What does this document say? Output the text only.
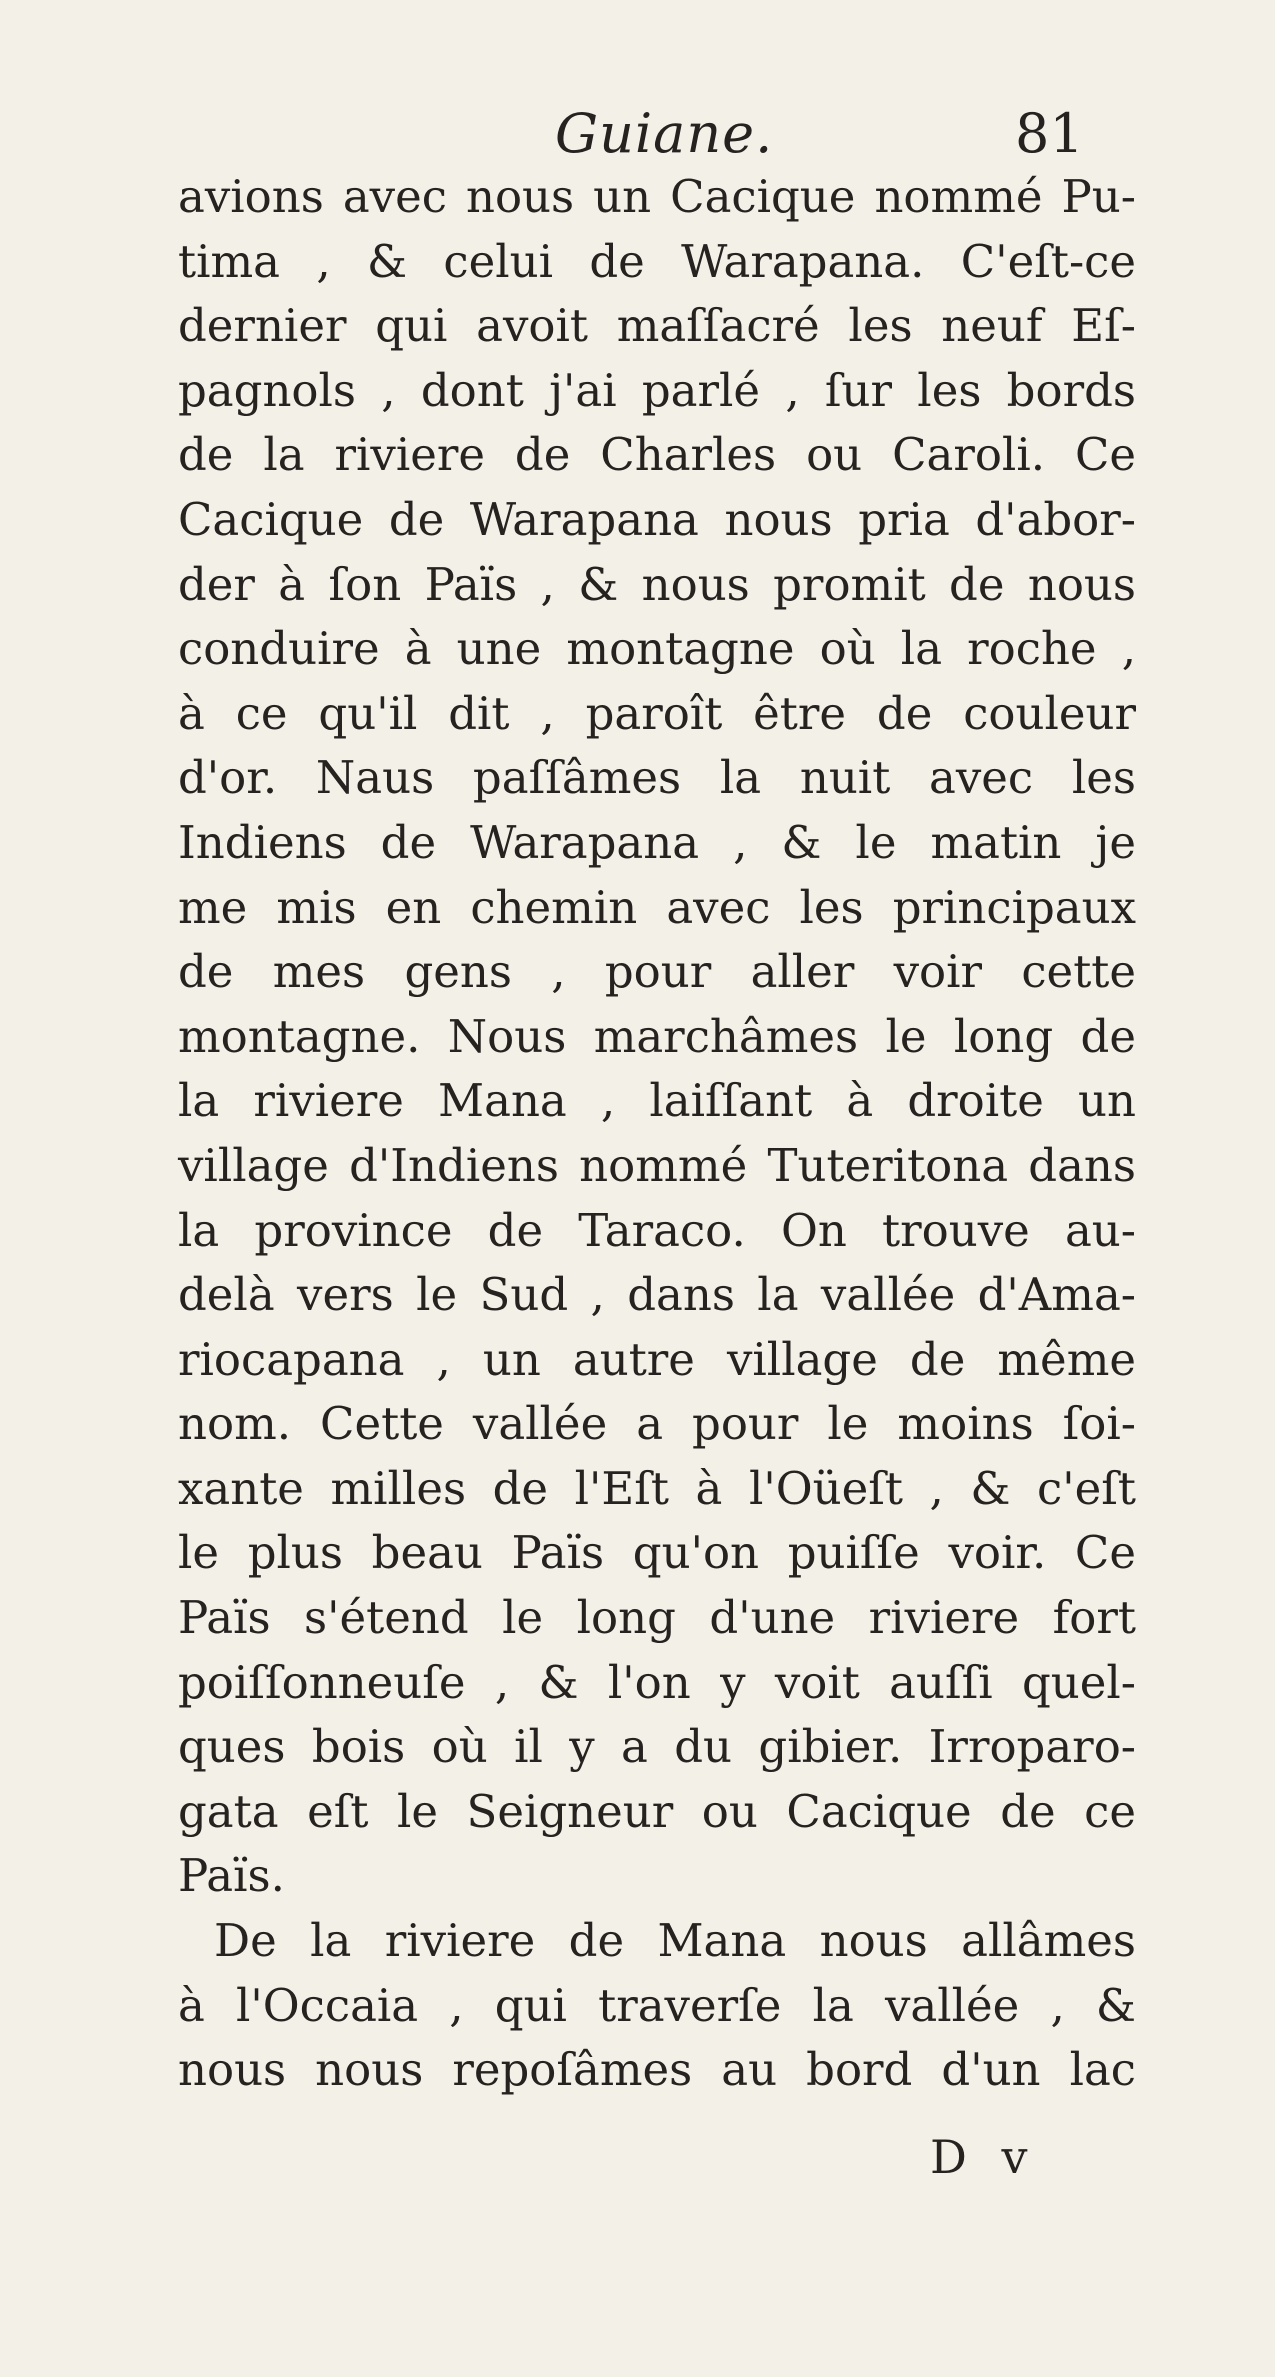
Guiane.	81
avions avec nous un Cacique nommé Pu-
tima , & celui de Warapana. C'eſt-ce
dernier qui avoit maſſacré les neuf Eſ-
pagnols , dont j'ai parlé , ſur les bords
de la riviere de Charles ou Caroli. Ce
Cacique de Warapana nous pria d'abor-
der à ſon Païs , & nous promit de nous
conduire à une montagne où la roche ,
à ce qu'il dit , paroît être de couleur
d'or. Naus paſſâmes la nuit avec les
Indiens de Warapana , & le matin je
me mis en chemin avec les principaux
de mes gens , pour aller voir cette
montagne. Nous marchâmes le long de
la riviere Mana , laiſſant à droite un
village d'Indiens nommé Tuteritona dans
la province de Taraco. On trouve au-
delà vers le Sud , dans la vallée d'Ama-
riocapana , un autre village de même
nom. Cette vallée a pour le moins ſoi-
xante milles de l'Eſt à l'Oüeſt , & c'eſt
le plus beau Païs qu'on puiſſe voir. Ce
Païs s'étend le long d'une riviere fort
poiſſonneuſe , & l'on y voit auſſi quel-
ques bois où il y a du gibier. Irroparo-
gata eſt le Seigneur ou Cacique de ce
Païs.
De la riviere de Mana nous allâmes
à l'Occaia , qui traverſe la vallée , &
nous nous repoſâmes au bord d'un lac
D v
